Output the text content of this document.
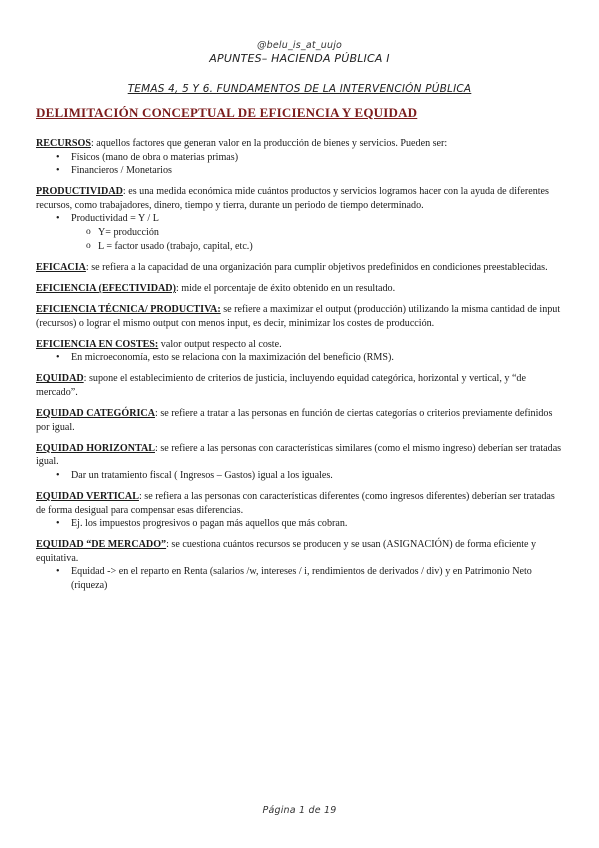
@belu_is_at_uujo
APUNTES– HACIENDA PÚBLICA I
TEMAS 4, 5 Y 6. FUNDAMENTOS DE LA INTERVENCIÓN PÚBLICA
DELIMITACIÓN CONCEPTUAL DE EFICIENCIA Y EQUIDAD

RECURSOS: aquellos factores que generan valor en la producción de bienes y servicios. Pueden ser:

• Físicos (mano de obra o materias primas)
• Financieros / Monetarios

PRODUCTIVIDAD: es una medida económica mide cuántos productos y servicios logramos hacer con la ayuda de diferentes recursos, como trabajadores, dinero, tiempo y tierra, durante un periodo de tiempo determinado.

• Productividad = Y / L
o Y= producción
o L = factor usado (trabajo, capital, etc.)

EFICACIA: se refiera a la capacidad de una organización para cumplir objetivos predefinidos en condiciones preestablecidas.

EFICIENCIA (EFECTIVIDAD): mide el porcentaje de éxito obtenido en un resultado.

EFICIENCIA TÉCNICA/ PRODUCTIVA: se refiere a maximizar el output (producción) utilizando la misma cantidad de input (recursos) o lograr el mismo output con menos input, es decir, minimizar los costes de producción.

EFICIENCIA EN COSTES: valor output respecto al coste.

• En microeconomía, esto se relaciona con la maximización del beneficio (RMS).

EQUIDAD: supone el establecimiento de criterios de justicia, incluyendo equidad categórica, horizontal y vertical, y “de mercado”.

EQUIDAD CATEGÓRICA: se refiere a tratar a las personas en función de ciertas categorías o criterios previamente definidos por igual.

EQUIDAD HORIZONTAL: se refiere a las personas con características similares (como el mismo ingreso) deberían ser tratadas igual.

• Dar un tratamiento fiscal ( Ingresos – Gastos) igual a los iguales.

EQUIDAD VERTICAL: se refiera a las personas con características diferentes (como ingresos diferentes) deberían ser tratadas de forma desigual para compensar esas diferencias.

• Ej. los impuestos progresivos o pagan más aquellos que más cobran.

EQUIDAD “DE MERCADO”: se cuestiona cuántos recursos se producen y se usan (ASIGNACIÓN) de forma eficiente y equitativa.

• Equidad -> en el reparto en Renta (salarios /w, intereses / i, rendimientos de derivados / div) y en Patrimonio Neto (riqueza)
Página 1 de 19
